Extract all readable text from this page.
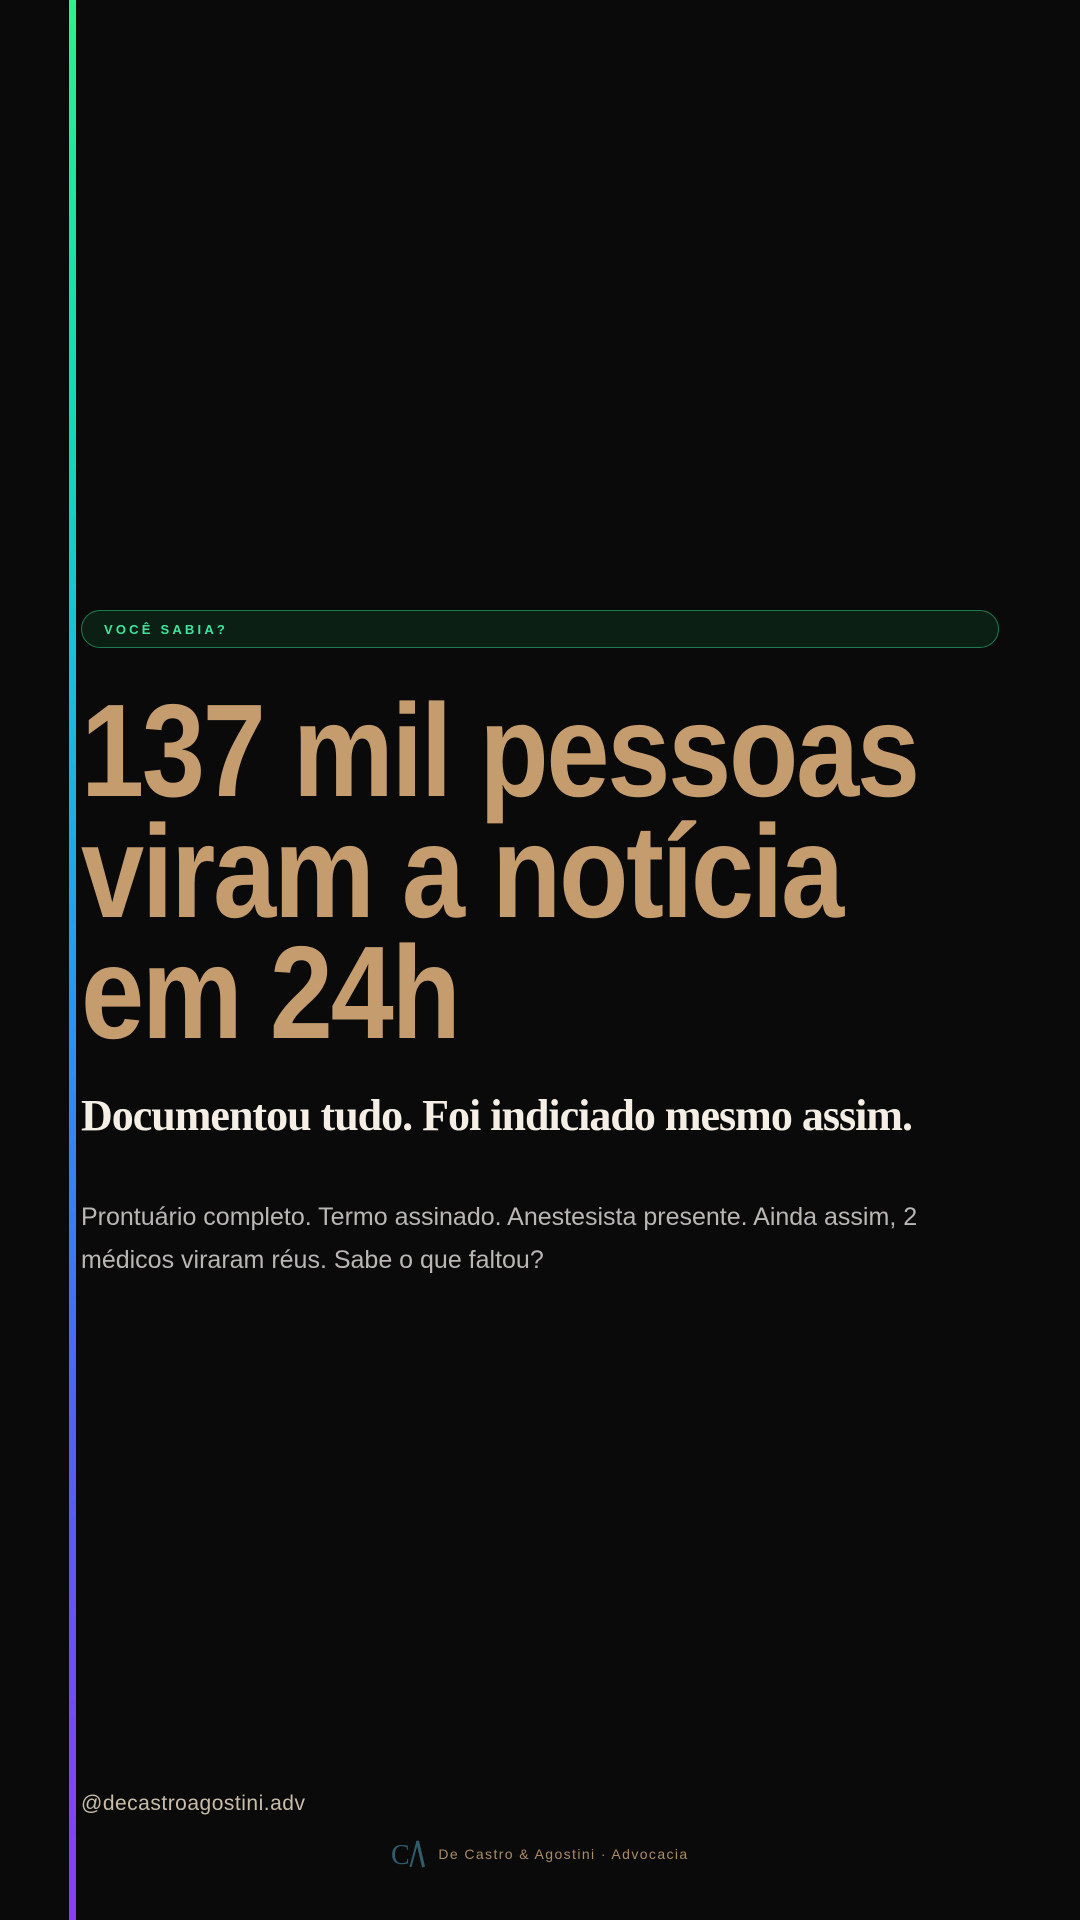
VOCÊ SABIA?
137 mil pessoas
viram a notícia
em 24h
Documentou tudo. Foi indiciado mesmo assim.
Prontuário completo. Termo assinado. Anestesista presente. Ainda assim, 2
médicos viraram réus. Sabe o que faltou?
@decastroagostini.adv
C De Castro & Agostini · Advocacia
